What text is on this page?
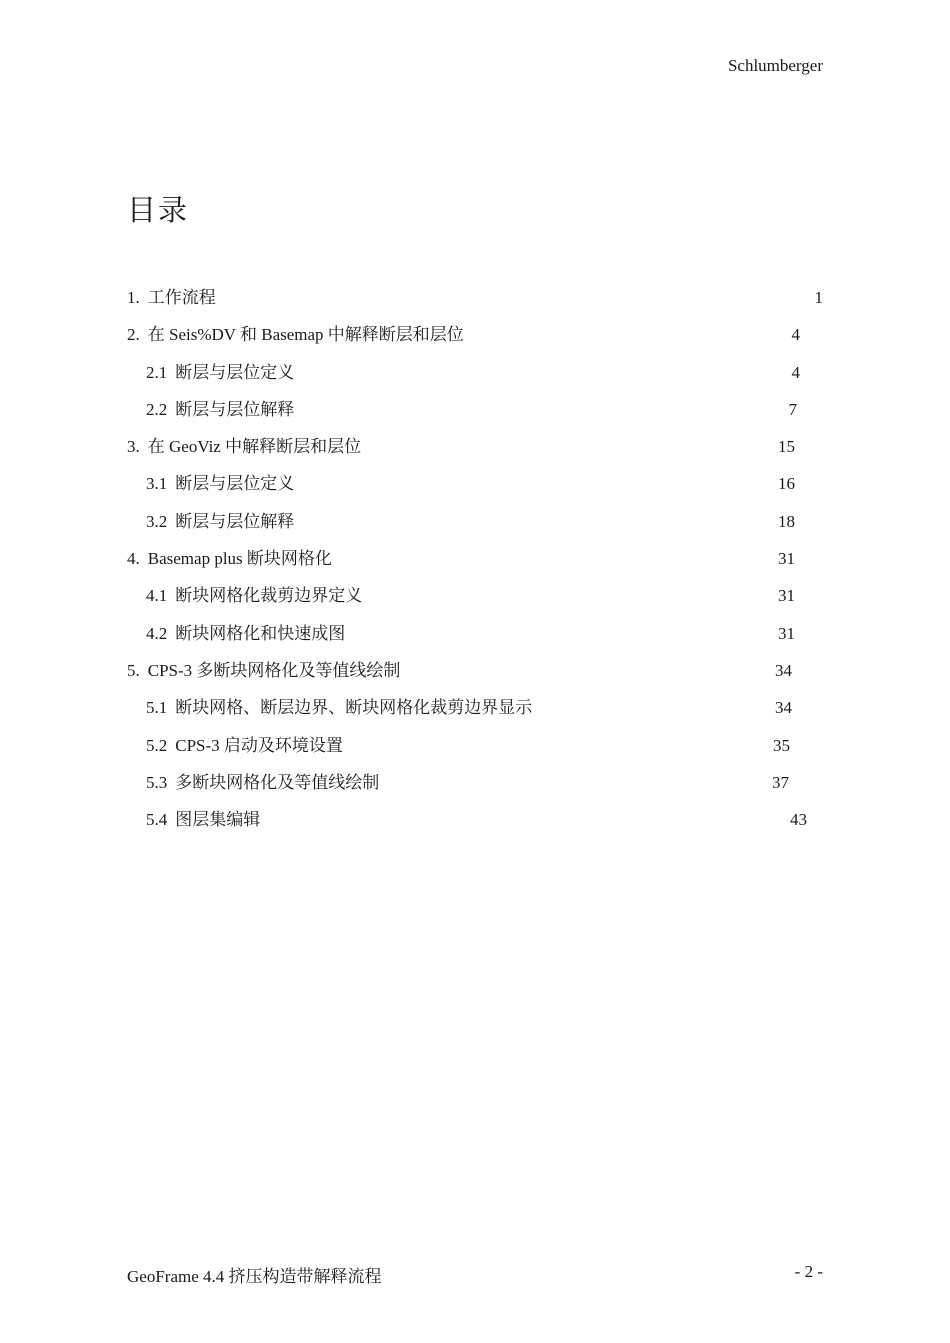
Schlumberger
目录
1. 工作流程	1
2. 在 Seis%DV 和 Basemap 中解释断层和层位	4
2.1 断层与层位定义	4
2.2 断层与层位解释	7
3. 在 GeoViz 中解释断层和层位	15
3.1 断层与层位定义	16
3.2 断层与层位解释	18
4. Basemap plus 断块网格化	31
4.1 断块网格化裁剪边界定义	31
4.2 断块网格化和快速成图	31
5. CPS-3 多断块网格化及等值线绘制	34
5.1 断块网格、断层边界、断块网格化裁剪边界显示	34
5.2 CPS-3 启动及环境设置	35
5.3 多断块网格化及等值线绘制	37
5.4 图层集编辑	43
GeoFrame 4.4 挤压构造带解释流程	- 2 -
